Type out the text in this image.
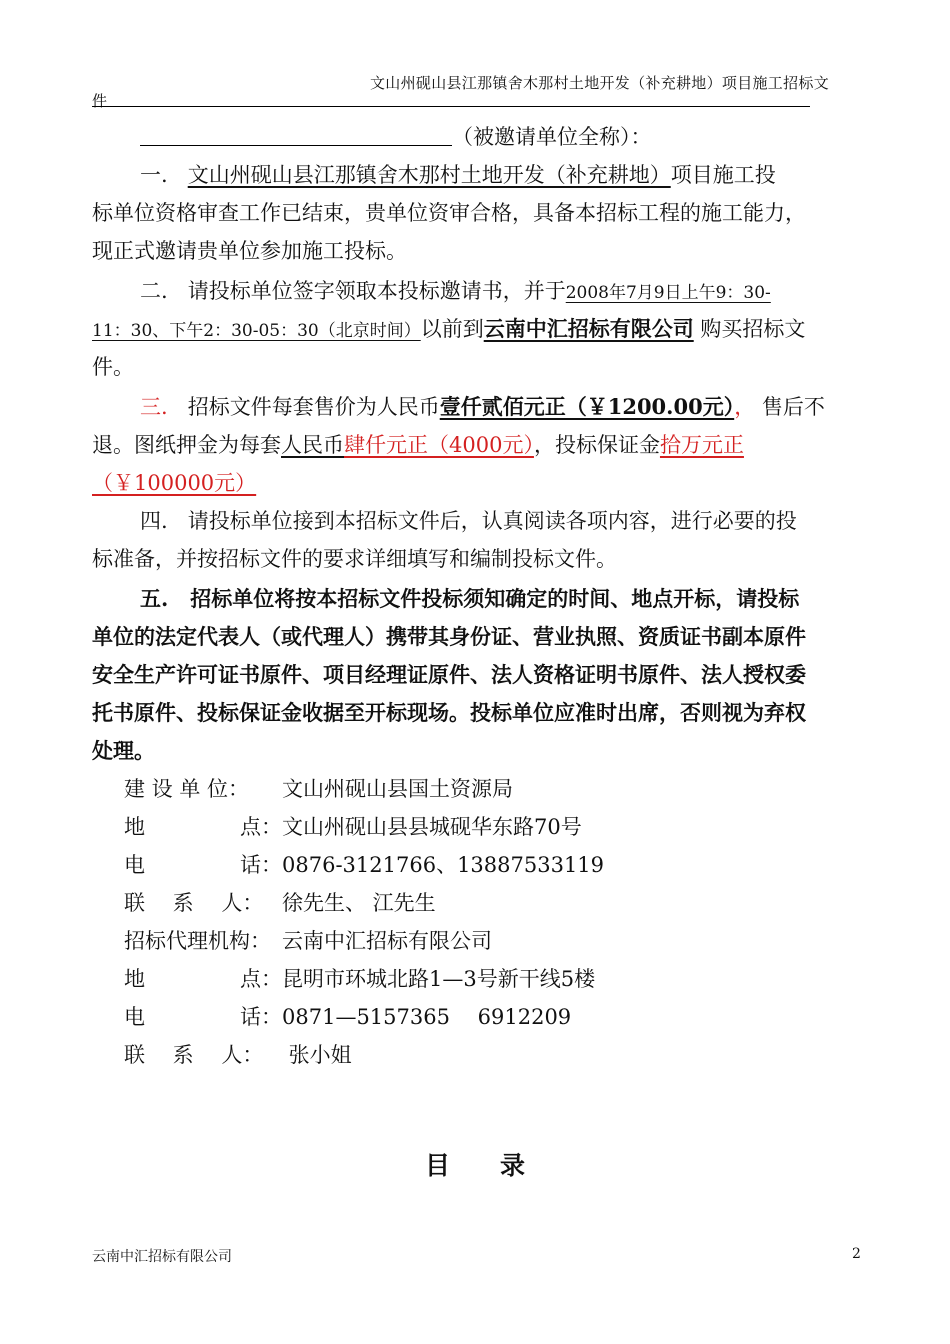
文山州砚山县江那镇舍木那村土地开发（补充耕地）项目施工招标文
件
（被邀请单位全称）：
一. 文山州砚山县江那镇舍木那村土地开发（补充耕地）项目施工投
标单位资格审查工作已结束，贵单位资审合格，具备本招标工程的施工能力，
现正式邀请贵单位参加施工投标。
二. 请投标单位签字领取本投标邀请书，并于2008年7月9日上午9：30-
11：30、下午2：30-05：30（北京时间）以前到云南中汇招标有限公司 购买招标文
件。
三. 招标文件每套售价为人民币壹仟贰佰元正（￥1200.00元）， 售后不
退。图纸押金为每套人民币肆仟元正（4000元），投标保证金拾万元正
（￥100000元）
四. 请投标单位接到本招标文件后，认真阅读各项内容，进行必要的投
标准备，并按招标文件的要求详细填写和编制投标文件。
五. 招标单位将按本招标文件投标须知确定的时间、地点开标，请投标
单位的法定代表人（或代理人）携带其身份证、营业执照、资质证书副本原件
安全生产许可证书原件、项目经理证原件、法人资格证明书原件、法人授权委
托书原件、投标保证金收据至开标现场。投标单位应准时出席，否则视为弃权
处理。
建 设 单 位： 文山州砚山县国土资源局
地	点： 文山州砚山县县城砚华东路70号
电	话： 0876-3121766、13887533119
联　 系　 人： 徐先生、 江先生
招标代理机构： 云南中汇招标有限公司
地	点： 昆明市环城北路1—3号新干线5楼
电	话： 0871—5157365　 6912209
联　 系　 人： 张小姐
目录
云南中汇招标有限公司	2
